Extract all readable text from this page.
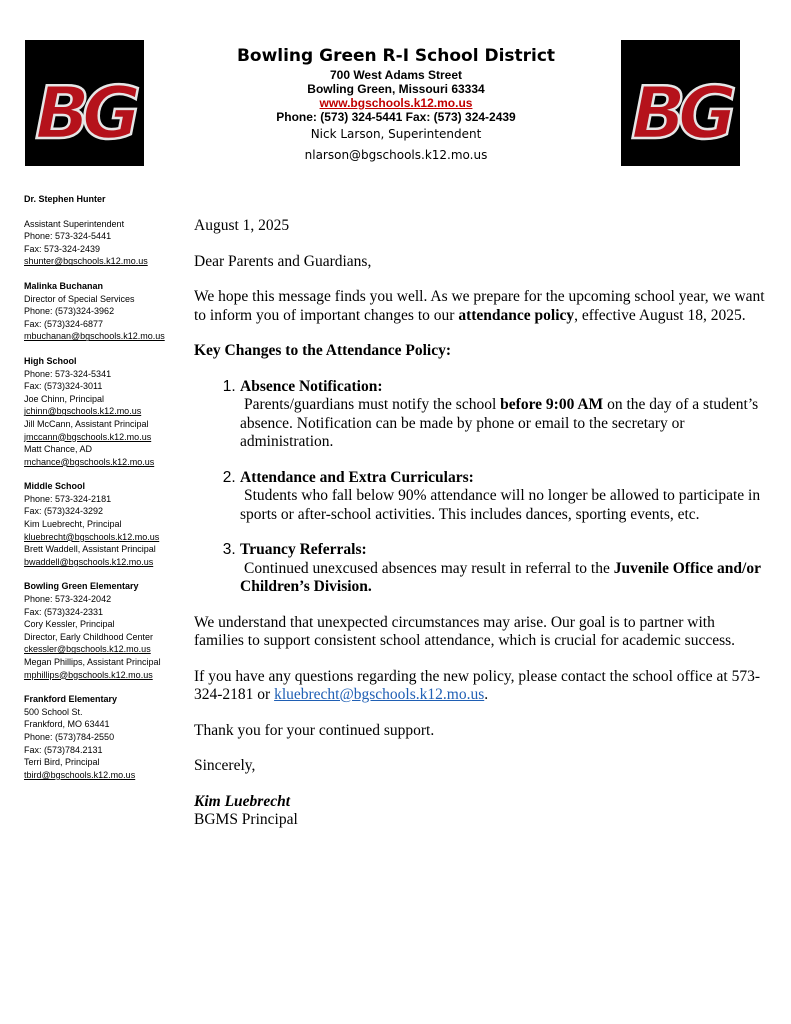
BG	BG
Bowling Green R-I School District
700 West Adams Street
Bowling Green, Missouri 63334
www.bgschools.k12.mo.us
Phone: (573) 324-5441 Fax: (573) 324-2439
Nick Larson, Superintendent
nlarson@bgschools.k12.mo.us
Dr. Stephen Hunter
Assistant Superintendent
Phone: 573-324-5441
Fax: 573-324-2439
shunter@bgschools.k12.mo.us
Malinka Buchanan
Director of Special Services
Phone: (573)324-3962
Fax: (573)324-6877
mbuchanan@bgschools.k12.mo.us
High School
Phone: 573-324-5341
Fax: (573)324-3011
Joe Chinn, Principal
jchinn@bgschools.k12.mo.us
Jill McCann, Assistant Principal
jmccann@bgschools.k12.mo.us
Matt Chance, AD
mchance@bgschools.k12.mo.us
Middle School
Phone: 573-324-2181
Fax: (573)324-3292
Kim Luebrecht, Principal
kluebrecht@bgschools.k12.mo.us
Brett Waddell, Assistant Principal
bwaddell@bgschools.k12.mo.us
Bowling Green Elementary
Phone: 573-324-2042
Fax: (573)324-2331
Cory Kessler, Principal
Director, Early Childhood Center
ckessler@bgschools.k12.mo.us
Megan Phillips, Assistant Principal
mphillips@bgschools.k12.mo.us
Frankford Elementary
500 School St.
Frankford, MO 63441
Phone: (573)784-2550
Fax: (573)784.2131
Terri Bird, Principal
tbird@bgschools.k12.mo.us

August 1, 2025

Dear Parents and Guardians,

We hope this message finds you well. As we prepare for the upcoming school year, we want to inform you of important changes to our attendance policy, effective August 18, 2025.

Key Changes to the Attendance Policy:

1. Absence Notification:
Parents/guardians must notify the school before 9:00 AM on the day of a student’s absence. Notification can be made by phone or email to the secretary or administration.
2. Attendance and Extra Curriculars:
Students who fall below 90% attendance will no longer be allowed to participate in sports or after-school activities. This includes dances, sporting events, etc.
3. Truancy Referrals:
Continued unexcused absences may result in referral to the Juvenile Office and/or Children’s Division.

We understand that unexpected circumstances may arise. Our goal is to partner with families to support consistent school attendance, which is crucial for academic success.

If you have any questions regarding the new policy, please contact the school office at 573-324-2181 or kluebrecht@bgschools.k12.mo.us.

Thank you for your continued support.

Sincerely,

Kim Luebrecht
BGMS Principal
